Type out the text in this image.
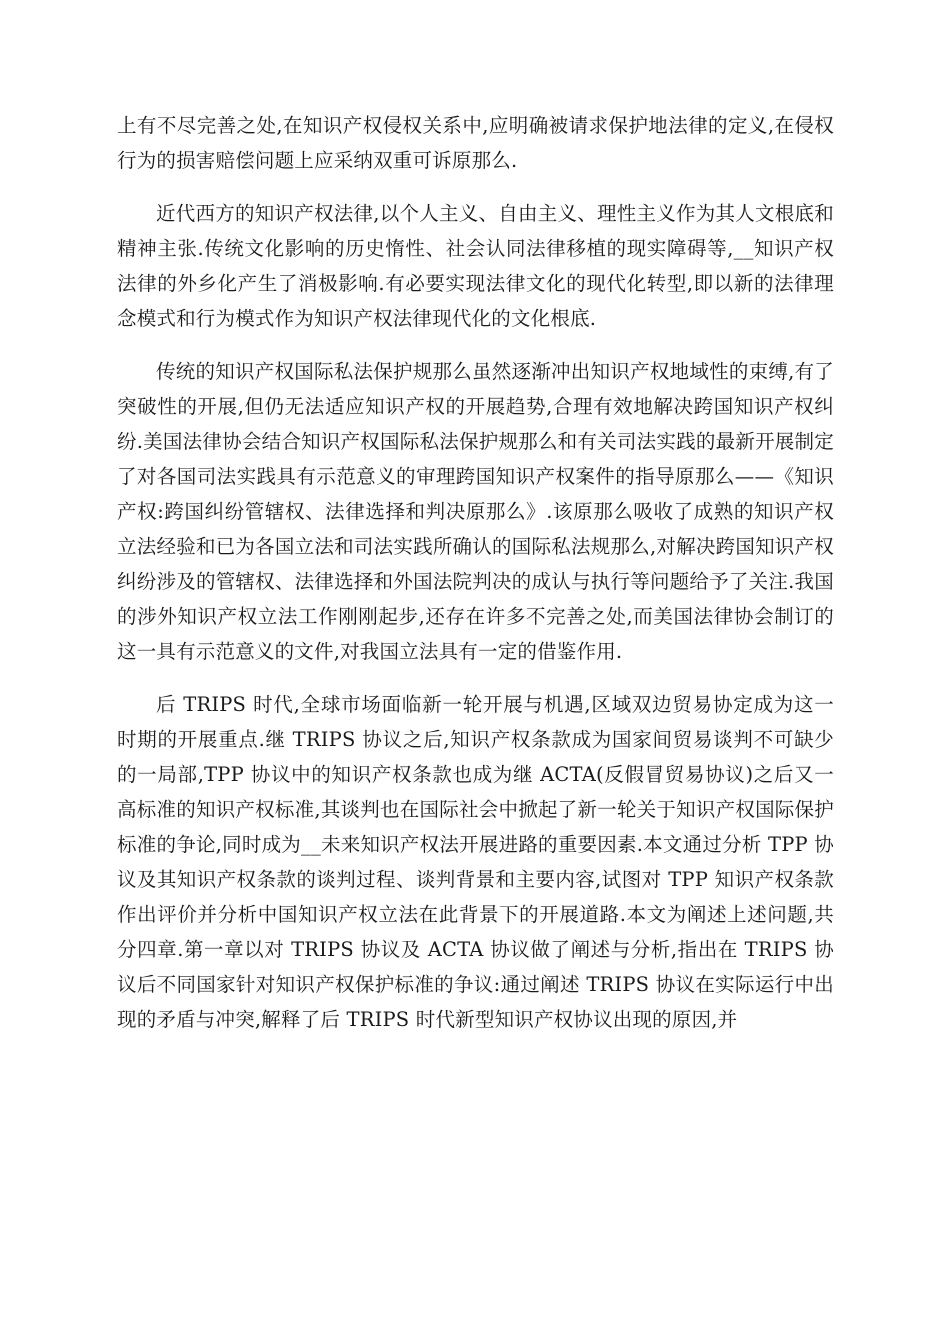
上有不尽完善之处,在知识产权侵权关系中,应明确被请求保护地法律的定义,在侵权行为的损害赔偿问题上应采纳双重可诉原那么.

近代西方的知识产权法律,以个人主义、自由主义、理性主义作为其人文根底和精神主张.传统文化影响的历史惰性、社会认同法律移植的现实障碍等,__知识产权法律的外乡化产生了消极影响.有必要实现法律文化的现代化转型,即以新的法律理念模式和行为模式作为知识产权法律现代化的文化根底.

传统的知识产权国际私法保护规那么虽然逐渐冲出知识产权地域性的束缚,有了突破性的开展,但仍无法适应知识产权的开展趋势,合理有效地解决跨国知识产权纠纷.美国法律协会结合知识产权国际私法保护规那么和有关司法实践的最新开展制定了对各国司法实践具有示范意义的审理跨国知识产权案件的指导原那么——《知识产权:跨国纠纷管辖权、法律选择和判决原那么》.该原那么吸收了成熟的知识产权立法经验和已为各国立法和司法实践所确认的国际私法规那么,对解决跨国知识产权纠纷涉及的管辖权、法律选择和外国法院判决的成认与执行等问题给予了关注.我国的涉外知识产权立法工作刚刚起步,还存在许多不完善之处,而美国法律协会制订的这一具有示范意义的文件,对我国立法具有一定的借鉴作用.

后 TRIPS 时代,全球市场面临新一轮开展与机遇,区域双边贸易协定成为这一时期的开展重点.继 TRIPS 协议之后,知识产权条款成为国家间贸易谈判不可缺少的一局部,TPP 协议中的知识产权条款也成为继 ACTA(反假冒贸易协议)之后又一高标准的知识产权标准,其谈判也在国际社会中掀起了新一轮关于知识产权国际保护标准的争论,同时成为__未来知识产权法开展进路的重要因素.本文通过分析 TPP 协议及其知识产权条款的谈判过程、谈判背景和主要内容,试图对 TPP 知识产权条款作出评价并分析中国知识产权立法在此背景下的开展道路.本文为阐述上述问题,共分四章.第一章以对 TRIPS 协议及 ACTA 协议做了阐述与分析,指出在 TRIPS 协议后不同国家针对知识产权保护标准的争议:通过阐述 TRIPS 协议在实际运行中出现的矛盾与冲突,解释了后 TRIPS 时代新型知识产权协议出现的原因,并
